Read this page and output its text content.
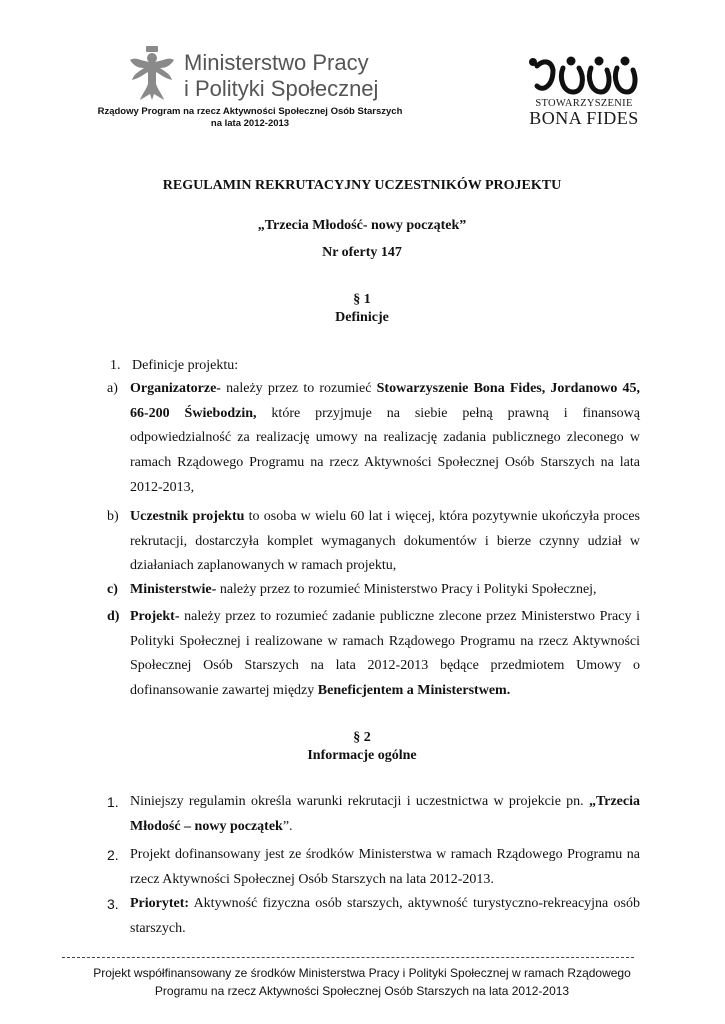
Ministerstwo Pracy
i Polityki Społecznej
Rządowy Program na rzecz Aktywności Społecznej Osób Starszych
na lata 2012-2013
STOWARZYSZENIE
BONA FIDES
REGULAMIN REKRUTACYJNY UCZESTNIKÓW PROJEKTU
„Trzecia Młodość- nowy początek”
Nr oferty 147
§ 1
Definicje
1. Definicje projektu:
a) Organizatorze- należy przez to rozumieć Stowarzyszenie Bona Fides, Jordanowo 45, 66-200 Świebodzin, które przyjmuje na siebie pełną prawną i finansową odpowiedzialność za realizację umowy na realizację zadania publicznego zleconego w ramach Rządowego Programu na rzecz Aktywności Społecznej Osób Starszych na lata 2012-2013,
b) Uczestnik projektu to osoba w wielu 60 lat i więcej, która pozytywnie ukończyła proces rekrutacji, dostarczyła komplet wymaganych dokumentów i bierze czynny udział w działaniach zaplanowanych w ramach projektu,
c) Ministerstwie- należy przez to rozumieć Ministerstwo Pracy i Polityki Społecznej,
d) Projekt- należy przez to rozumieć zadanie publiczne zlecone przez Ministerstwo Pracy i Polityki Społecznej i realizowane w ramach Rządowego Programu na rzecz Aktywności Społecznej Osób Starszych na lata 2012-2013 będące przedmiotem Umowy o dofinansowanie zawartej między Beneficjentem a Ministerstwem.
§ 2
Informacje ogólne
1. Niniejszy regulamin określa warunki rekrutacji i uczestnictwa w projekcie pn. „Trzecia Młodość – nowy początek”.
2. Projekt dofinansowany jest ze środków Ministerstwa w ramach Rządowego Programu na rzecz Aktywności Społecznej Osób Starszych na lata 2012-2013.
3. Priorytet: Aktywność fizyczna osób starszych, aktywność turystyczno-rekreacyjna osób starszych.
Projekt współfinansowany ze środków Ministerstwa Pracy i Polityki Społecznej w ramach Rządowego
Programu na rzecz Aktywności Społecznej Osób Starszych na lata 2012-2013
